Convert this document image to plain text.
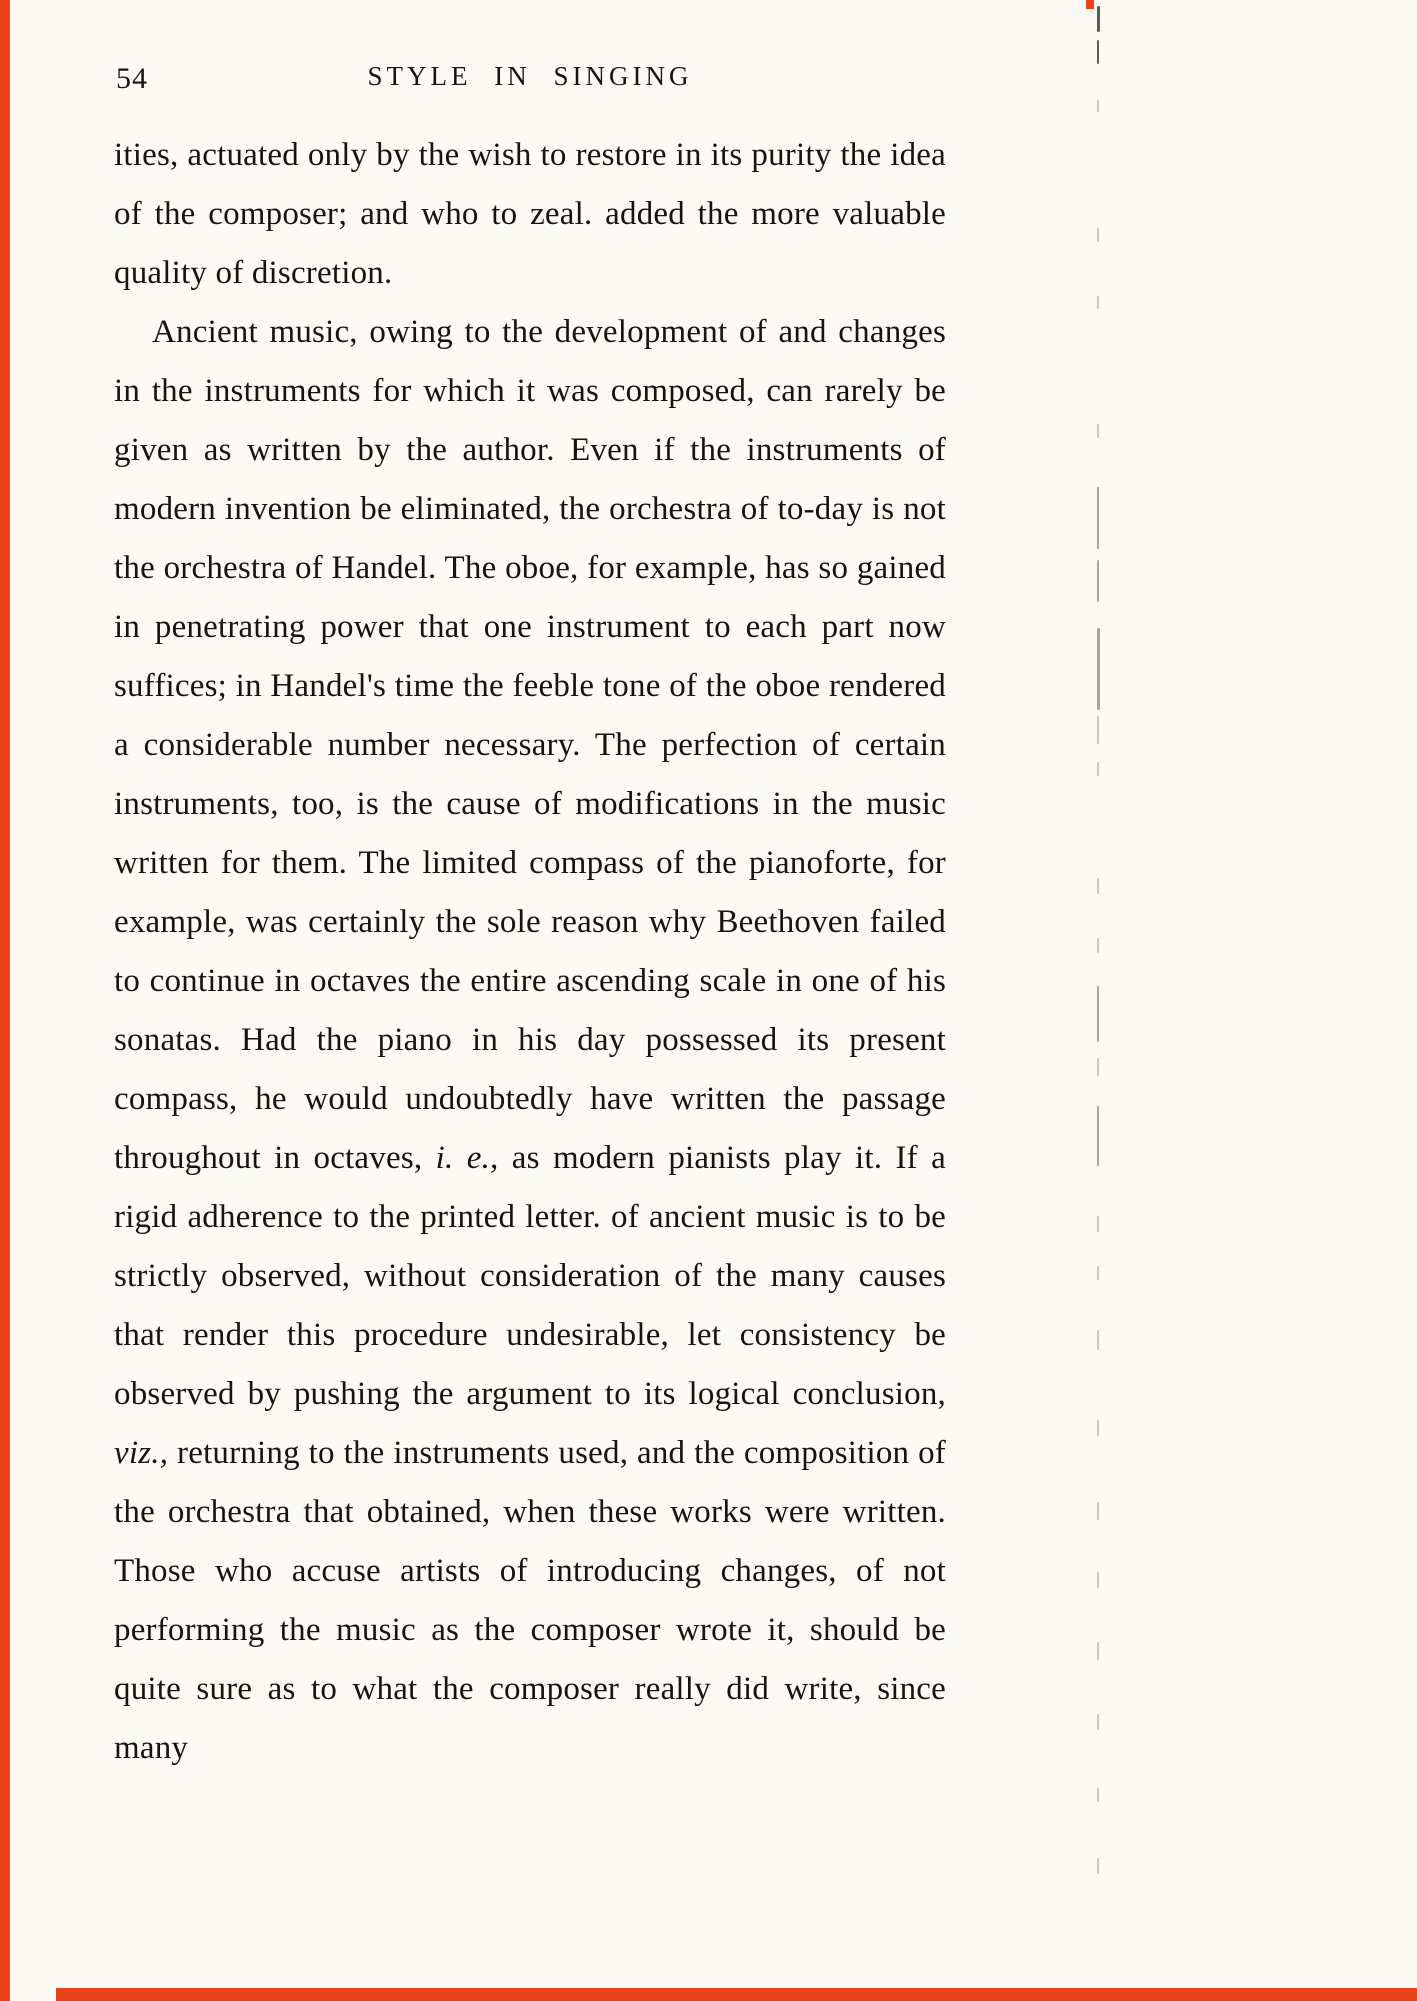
54	STYLE IN SINGING

ities, actuated only by the wish to restore in its purity the idea of the composer; and who to zeal. added the more valuable quality of discretion.

Ancient music, owing to the development of and changes in the instruments for which it was composed, can rarely be given as written by the author. Even if the instruments of modern invention be eliminated, the orchestra of to-day is not the orchestra of Handel. The oboe, for example, has so gained in penetrating power that one instrument to each part now suffices; in Handel's time the feeble tone of the oboe rendered a considerable number necessary. The perfection of certain instruments, too, is the cause of modifications in the music written for them. The limited compass of the pianoforte, for example, was certainly the sole reason why Beethoven failed to continue in octaves the entire ascending scale in one of his sonatas. Had the piano in his day possessed its present compass, he would undoubtedly have written the passage throughout in octaves, i. e., as modern pianists play it. If a rigid adherence to the printed letter. of ancient music is to be strictly observed, without consideration of the many causes that render this procedure undesirable, let consistency be observed by pushing the argument to its logical conclusion, viz., returning to the instruments used, and the composition of the orchestra that obtained, when these works were written. Those who accuse artists of introducing changes, of not performing the music as the composer wrote it, should be quite sure as to what the composer really did write, since many
